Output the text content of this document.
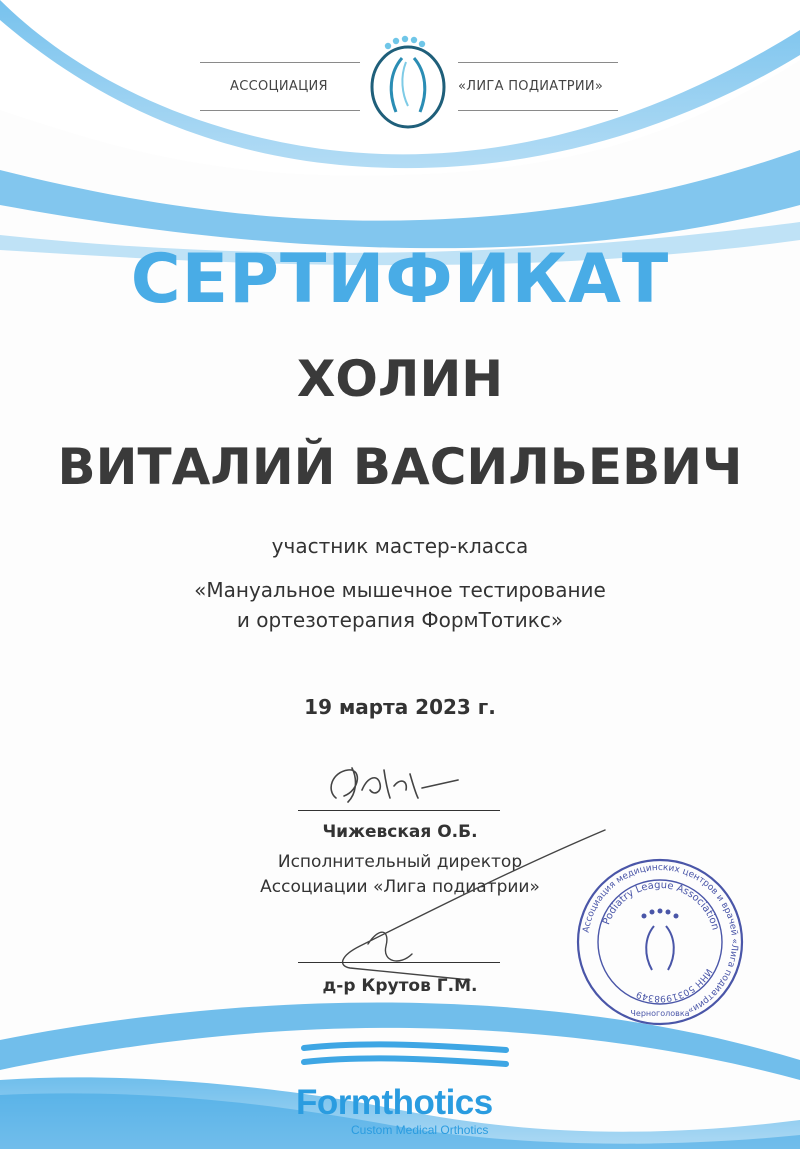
АССОЦИАЦИЯ	«ЛИГА ПОДИАТРИИ»
СЕРТИФИКАТ
ХОЛИН
ВИТАЛИЙ ВАСИЛЬЕВИЧ
участник мастер-класса
«Мануальное мышечное тестирование
и ортезотерапия ФормТотикс»
19 марта 2023 г.
Чижевская О.Б.
Исполнительный директор
Ассоциации «Лига подиатрии»
д-р Крутов Г.М.
Ассоциация медицинских центров и врачей «Лига подиатрии»
ИНН 5031998349
Podiatry League Association
Черноголовка
Formthotics
Custom Medical Orthotics
